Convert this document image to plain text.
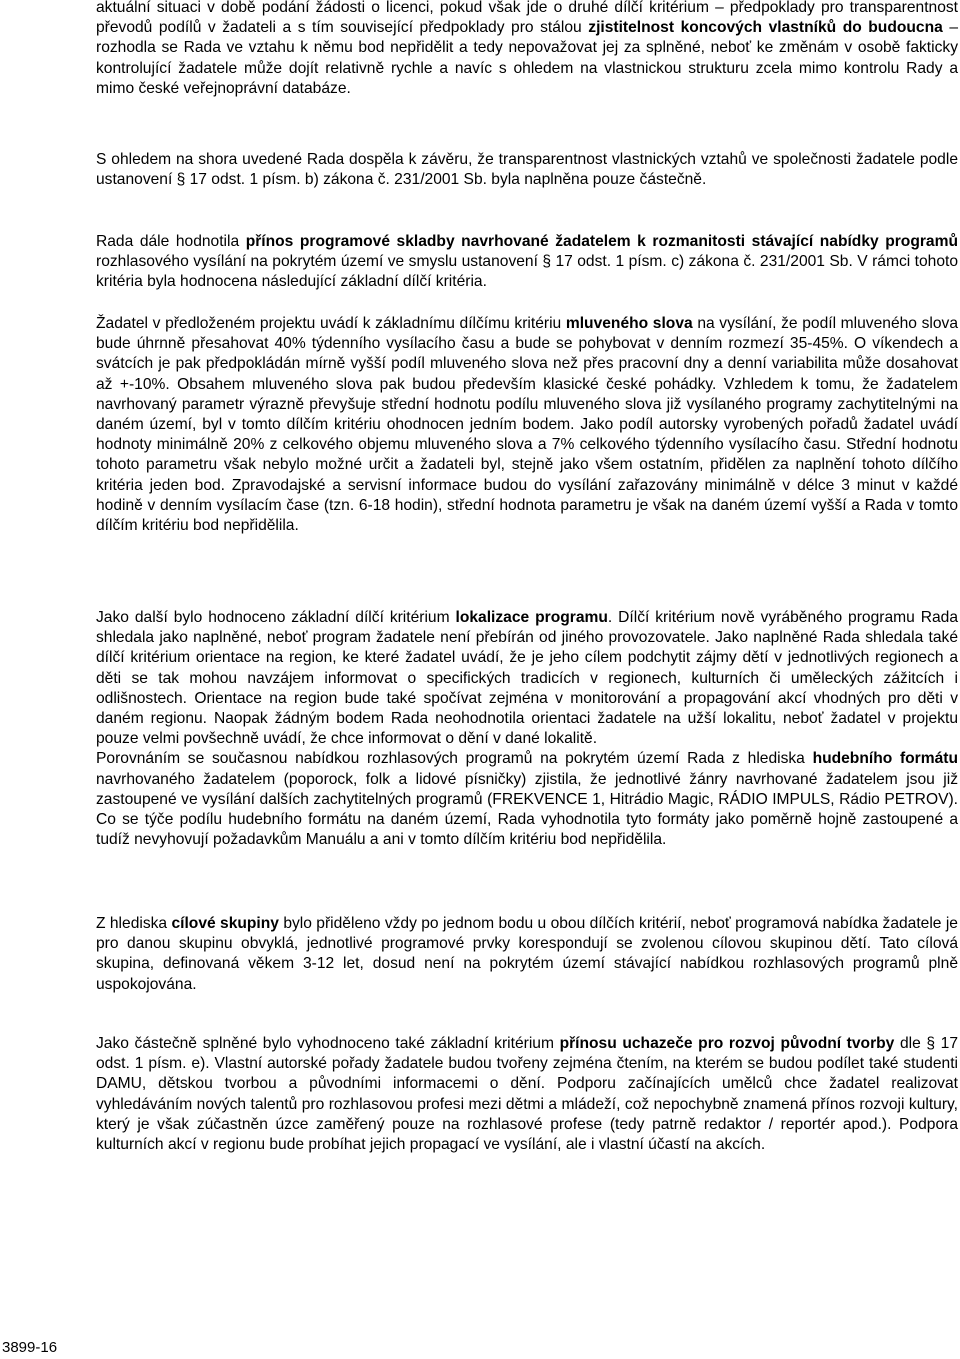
aktuální situaci v době podání žádosti o licenci, pokud však jde o druhé dílčí kritérium – předpoklady pro transparentnost převodů podílů v žadateli a s tím související předpoklady pro stálou zjistitelnost koncových vlastníků do budoucna – rozhodla se Rada ve vztahu k němu bod nepřidělit a tedy nepovažovat jej za splněné, neboť ke změnám v osobě fakticky kontrolující žadatele může dojít relativně rychle a navíc s ohledem na vlastnickou strukturu zcela mimo kontrolu Rady a mimo české veřejnoprávní databáze.

S ohledem na shora uvedené Rada dospěla k závěru, že transparentnost vlastnických vztahů ve společnosti žadatele podle ustanovení § 17 odst. 1 písm. b) zákona č. 231/2001 Sb. byla naplněna pouze částečně.

Rada dále hodnotila přínos programové skladby navrhované žadatelem k rozmanitosti stávající nabídky programů rozhlasového vysílání na pokrytém území ve smyslu ustanovení § 17 odst. 1 písm. c) zákona č. 231/2001 Sb. V rámci tohoto kritéria byla hodnocena následující základní dílčí kritéria.

Žadatel v předloženém projektu uvádí k základnímu dílčímu kritériu mluveného slova na vysílání, že podíl mluveného slova bude úhrnně přesahovat 40% týdenního vysílacího času a bude se pohybovat v denním rozmezí 35-45%. O víkendech a svátcích je pak předpokládán mírně vyšší podíl mluveného slova než přes pracovní dny a denní variabilita může dosahovat až +-10%. Obsahem mluveného slova pak budou především klasické české pohádky. Vzhledem k tomu, že žadatelem navrhovaný parametr výrazně převyšuje střední hodnotu podílu mluveného slova již vysílaného programy zachytitelnými na daném území, byl v tomto dílčím kritériu ohodnocen jedním bodem. Jako podíl autorsky vyrobených pořadů žadatel uvádí hodnoty minimálně 20% z celkového objemu mluveného slova a 7% celkového týdenního vysílacího času. Střední hodnotu tohoto parametru však nebylo možné určit a žadateli byl, stejně jako všem ostatním, přidělen za naplnění tohoto dílčího kritéria jeden bod. Zpravodajské a servisní informace budou do vysílání zařazovány minimálně v délce 3 minut v každé hodině v denním vysílacím čase (tzn. 6-18 hodin), střední hodnota parametru je však na daném území vyšší a Rada v tomto dílčím kritériu bod nepřidělila.

Jako další bylo hodnoceno základní dílčí kritérium lokalizace programu. Dílčí kritérium nově vyráběného programu Rada shledala jako naplněné, neboť program žadatele není přebírán od jiného provozovatele. Jako naplněné Rada shledala také dílčí kritérium orientace na region, ke které žadatel uvádí, že je jeho cílem podchytit zájmy dětí v jednotlivých regionech a děti se tak mohou navzájem informovat o specifických tradicích v regionech, kulturních či uměleckých zážitcích i odlišnostech. Orientace na region bude také spočívat zejména v monitorování a propagování akcí vhodných pro děti v daném regionu. Naopak žádným bodem Rada neohodnotila orientaci žadatele na užší lokalitu, neboť žadatel v projektu pouze velmi povšechně uvádí, že chce informovat o dění v dané lokalitě.
Porovnáním se současnou nabídkou rozhlasových programů na pokrytém území Rada z hlediska hudebního formátu navrhovaného žadatelem (poporock, folk a lidové písničky) zjistila, že jednotlivé žánry navrhované žadatelem jsou již zastoupené ve vysílání dalších zachytitelných programů (FREKVENCE 1, Hitrádio Magic, RÁDIO IMPULS, Rádio PETROV). Co se týče podílu hudebního formátu na daném území, Rada vyhodnotila tyto formáty jako poměrně hojně zastoupené a tudíž nevyhovují požadavkům Manuálu a ani v tomto dílčím kritériu bod nepřidělila.

Z hlediska cílové skupiny bylo přiděleno vždy po jednom bodu u obou dílčích kritérií, neboť programová nabídka žadatele je pro danou skupinu obvyklá, jednotlivé programové prvky korespondují se zvolenou cílovou skupinou dětí. Tato cílová skupina, definovaná věkem 3-12 let, dosud není na pokrytém území stávající nabídkou rozhlasových programů plně uspokojována.

Jako částečně splněné bylo vyhodnoceno také základní kritérium přínosu uchazeče pro rozvoj původní tvorby dle § 17 odst. 1 písm. e). Vlastní autorské pořady žadatele budou tvořeny zejména čtením, na kterém se budou podílet také studenti DAMU, dětskou tvorbou a původními informacemi o dění. Podporu začínajících umělců chce žadatel realizovat vyhledáváním nových talentů pro rozhlasovou profesi mezi dětmi a mládeží, což nepochybně znamená přínos rozvoji kultury, který je však zúčastněn úzce zaměřený pouze na rozhlasové profese (tedy patrně redaktor / reportér apod.). Podpora kulturních akcí v regionu bude probíhat jejich propagací ve vysílání, ale i vlastní účastí na akcích.

3899-16
